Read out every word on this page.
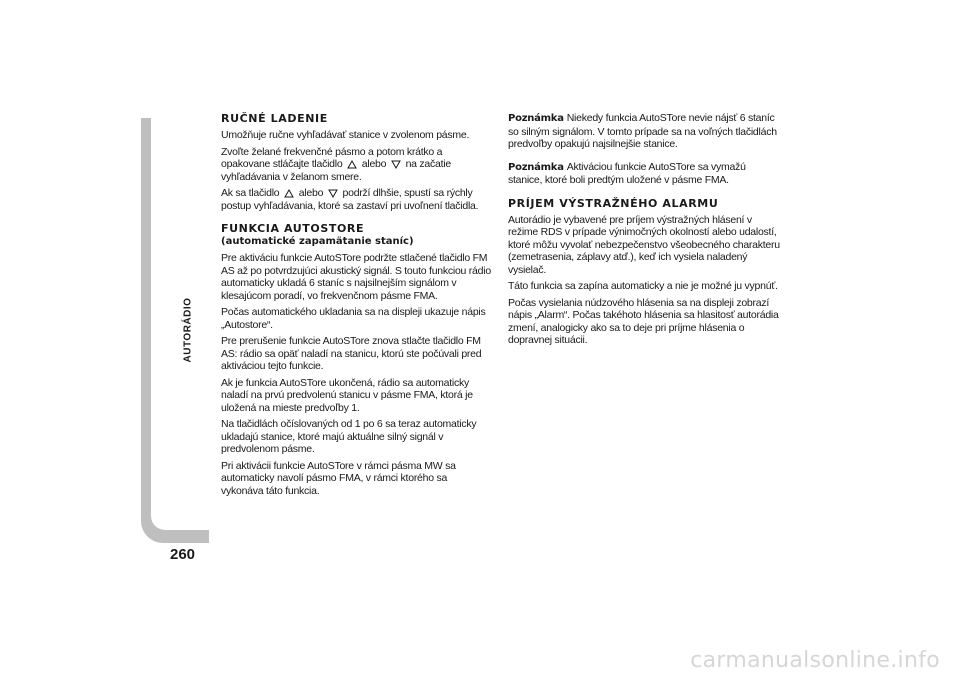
AUTORÁDIO
260
RUČNÉ LADENIE

Umožňuje ručne vyhľadávať stanice v zvolenom pásme.

Zvoľte želané frekvenčné pásmo a potom krátko a opakovane stláčajte tlačidlo alebo na začatie vyhľadávania v želanom smere.

Ak sa tlačidlo alebo podrží dlhšie, spustí sa rýchly postup vyhľadávania, ktoré sa zastaví pri uvoľnení tlačidla.

FUNKCIA AUTOSTORE
(automatické zapamätanie staníc)

Pre aktiváciu funkcie AutoSTore podržte stlačené tlačidlo FM AS až po potvrdzujúci akustický signál. S touto funkciou rádio automaticky ukladá 6 staníc s najsilnejším signálom v klesajúcom poradí, vo frekvenčnom pásme FMA.

Počas automatického ukladania sa na displeji ukazuje nápis „Autostore“.

Pre prerušenie funkcie AutoSTore znova stlačte tlačidlo FM AS: rádio sa opäť naladí na stanicu, ktorú ste počúvali pred aktiváciou tejto funkcie.

Ak je funkcia AutoSTore ukončená, rádio sa automaticky naladí na prvú predvolenú stanicu v pásme FMA, ktorá je uložená na mieste predvoľby 1.

Na tlačidlách očíslovaných od 1 po 6 sa teraz automaticky ukladajú stanice, ktoré majú aktuálne silný signál v predvolenom pásme.

Pri aktivácii funkcie AutoSTore v rámci pásma MW sa automaticky navolí pásmo FMA, v rámci ktorého sa vykonáva táto funkcia.

Poznámka Niekedy funkcia AutoSTore nevie nájsť 6 staníc so silným signálom. V tomto prípade sa na voľných tlačidlách predvoľby opakujú najsilnejšie stanice.

Poznámka Aktiváciou funkcie AutoSTore sa vymažú stanice, ktoré boli predtým uložené v pásme FMA.

PRÍJEM VÝSTRAŽNÉHO ALARMU

Autorádio je vybavené pre príjem výstražných hlásení v režime RDS v prípade výnimočných okolností alebo udalostí, ktoré môžu vyvolať nebezpečenstvo všeobecného charakteru (zemetrasenia, záplavy atď.), keď ich vysiela naladený vysielač.

Táto funkcia sa zapína automaticky a nie je možné ju vypnúť.

Počas vysielania núdzového hlásenia sa na displeji zobrazí nápis „Alarm“. Počas takéhoto hlásenia sa hlasitosť autorádia zmení, analogicky ako sa to deje pri príjme hlásenia o dopravnej situácii.

carmanualsonline.info
